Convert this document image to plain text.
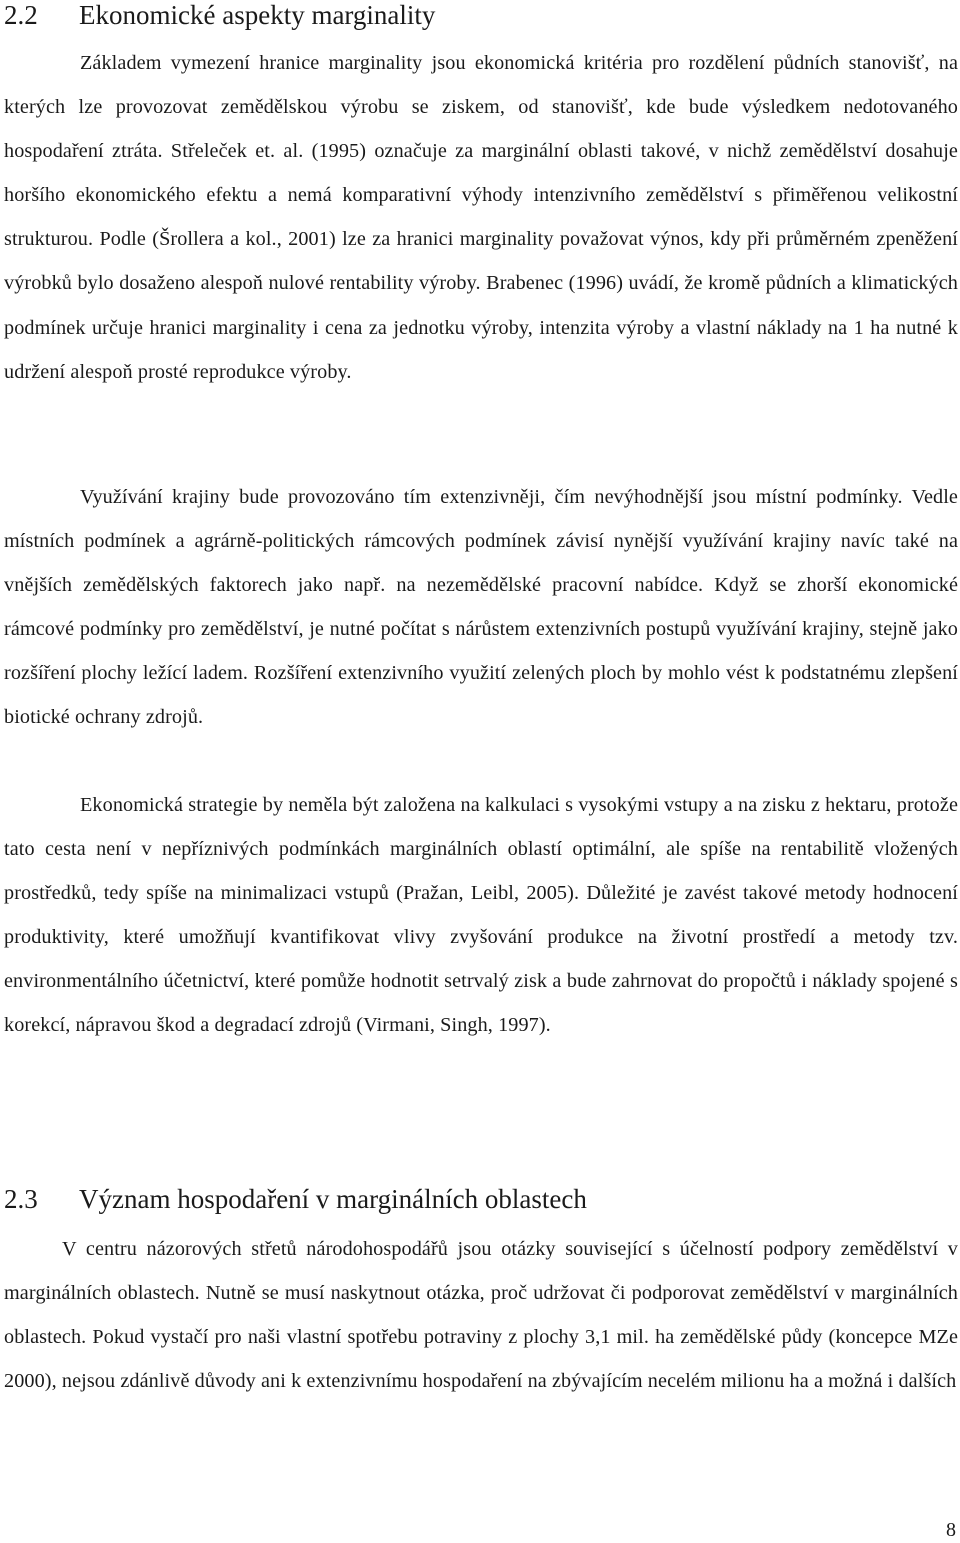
2.2 Ekonomické aspekty marginality

Základem vymezení hranice marginality jsou ekonomická kritéria pro rozdělení půdních stanovišť, na kterých lze provozovat zemědělskou výrobu se ziskem, od stanovišť, kde bude výsledkem nedotovaného hospodaření ztráta. Střeleček et. al. (1995) označuje za marginální oblasti takové, v nichž zemědělství dosahuje horšího ekonomického efektu a nemá komparativní výhody intenzivního zemědělství s přiměřenou velikostní strukturou. Podle (Šrollera a kol., 2001) lze za hranici marginality považovat výnos, kdy při průměrném zpeněžení výrobků bylo dosaženo alespoň nulové rentability výroby. Brabenec (1996) uvádí, že kromě půdních a klimatických podmínek určuje hranici marginality i cena za jednotku výroby, intenzita výroby a vlastní náklady na 1 ha nutné k udržení alespoň prosté reprodukce výroby.

Využívání krajiny bude provozováno tím extenzivněji, čím nevýhodnější jsou místní podmínky. Vedle místních podmínek a agrárně-politických rámcových podmínek závisí nynější využívání krajiny navíc také na vnějších zemědělských faktorech jako např. na nezemědělské pracovní nabídce. Když se zhorší ekonomické rámcové podmínky pro zemědělství, je nutné počítat s nárůstem extenzivních postupů využívání krajiny, stejně jako rozšíření plochy ležící ladem. Rozšíření extenzivního využití zelených ploch by mohlo vést k podstatnému zlepšení biotické ochrany zdrojů.

Ekonomická strategie by neměla být založena na kalkulaci s vysokými vstupy a na zisku z hektaru, protože tato cesta není v nepříznivých podmínkách marginálních oblastí optimální, ale spíše na rentabilitě vložených prostředků, tedy spíše na minimalizaci vstupů (Pražan, Leibl, 2005). Důležité je zavést takové metody hodnocení produktivity, které umožňují kvantifikovat vlivy zvyšování produkce na životní prostředí a metody tzv. environmentálního účetnictví, které pomůže hodnotit setrvalý zisk a bude zahrnovat do propočtů i náklady spojené s korekcí, nápravou škod a degradací zdrojů (Virmani, Singh, 1997).

2.3 Význam hospodaření v marginálních oblastech

V centru názorových střetů národohospodářů jsou otázky související s účelností podpory zemědělství v marginálních oblastech. Nutně se musí naskytnout otázka, proč udržovat či podporovat zemědělství v marginálních oblastech. Pokud vystačí pro naši vlastní spotřebu potraviny z plochy 3,1 mil. ha zemědělské půdy (koncepce MZe 2000), nejsou zdánlivě důvody ani k extenzivnímu hospodaření na zbývajícím necelém milionu ha a možná i dalších

8
